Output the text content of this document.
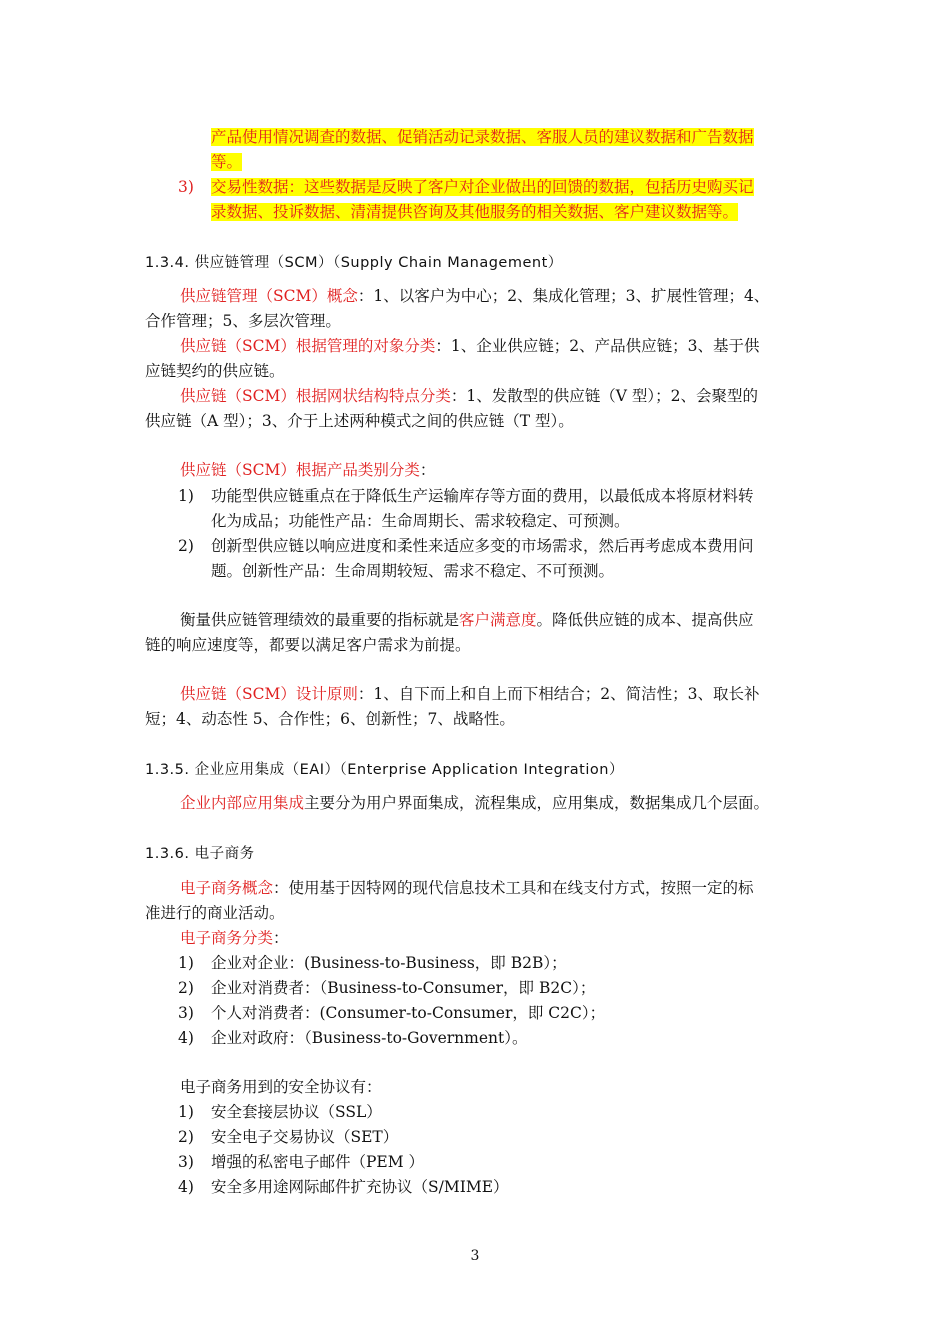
产品使用情况调查的数据、促销活动记录数据、客服人员的建议数据和广告数据
等。
3) 交易性数据：这些数据是反映了客户对企业做出的回馈的数据，包括历史购买记
录数据、投诉数据、清清提供咨询及其他服务的相关数据、客户建议数据等。
1.3.4. 供应链管理（SCM）（Supply Chain Management）
供应链管理（SCM）概念：1、以客户为中心；2、集成化管理；3、扩展性管理；4、
合作管理；5、多层次管理。
供应链（SCM）根据管理的对象分类：1、企业供应链；2、产品供应链；3、基于供
应链契约的供应链。
供应链（SCM）根据网状结构特点分类：1、发散型的供应链（V 型）；2、会聚型的
供应链（A 型）；3、介于上述两种模式之间的供应链（T 型）。
供应链（SCM）根据产品类别分类：
1) 功能型供应链重点在于降低生产运输库存等方面的费用，以最低成本将原材料转
化为成品；功能性产品：生命周期长、需求较稳定、可预测。
2) 创新型供应链以响应进度和柔性来适应多变的市场需求，然后再考虑成本费用问
题。创新性产品：生命周期较短、需求不稳定、不可预测。
衡量供应链管理绩效的最重要的指标就是客户满意度。降低供应链的成本、提高供应
链的响应速度等，都要以满足客户需求为前提。
供应链（SCM）设计原则：1、自下而上和自上而下相结合；2、简洁性；3、取长补
短；4、动态性 5、合作性；6、创新性；7、战略性。
1.3.5. 企业应用集成（EAI）（Enterprise Application Integration）
企业内部应用集成主要分为用户界面集成，流程集成，应用集成，数据集成几个层面。
1.3.6. 电子商务
电子商务概念：使用基于因特网的现代信息技术工具和在线支付方式，按照一定的标
准进行的商业活动。
电子商务分类：
1) 企业对企业：(Business-to-Business，即 B2B）；
2) 企业对消费者：（Business-to-Consumer，即 B2C）；
3) 个人对消费者：(Consumer-to-Consumer，即 C2C）；
4) 企业对政府：（Business-to-Government）。
电子商务用到的安全协议有：
1) 安全套接层协议（SSL）
2) 安全电子交易协议（SET）
3) 增强的私密电子邮件（PEM ）
4) 安全多用途网际邮件扩充协议（S/MIME）
3
